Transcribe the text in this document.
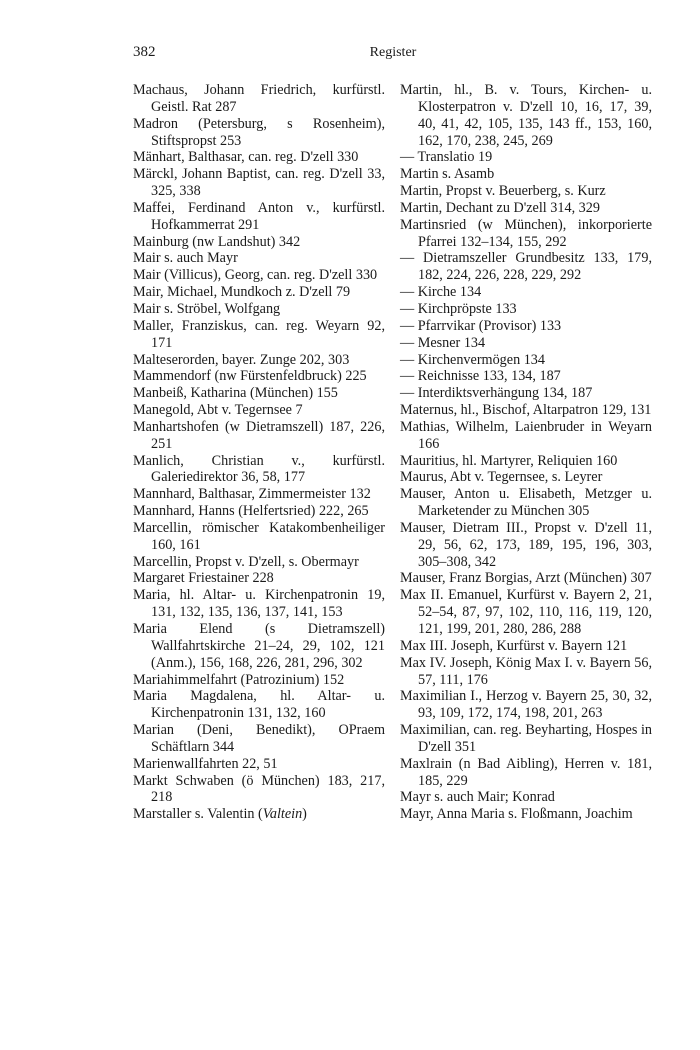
382	Register
Machaus, Johann Friedrich, kurfürstl. Geistl. Rat 287
Madron (Petersburg, s Rosenheim), Stiftspropst 253
Mänhart, Balthasar, can. reg. D'zell 330
Märckl, Johann Baptist, can. reg. D'zell 33, 325, 338
Maffei, Ferdinand Anton v., kurfürstl. Hofkammerrat 291
Mainburg (nw Landshut) 342
Mair s. auch Mayr
Mair (Villicus), Georg, can. reg. D'zell 330
Mair, Michael, Mundkoch z. D'zell 79
Mair s. Ströbel, Wolfgang
Maller, Franziskus, can. reg. Weyarn 92, 171
Malteserorden, bayer. Zunge 202, 303
Mammendorf (nw Fürstenfeldbruck) 225
Manbeiß, Katharina (München) 155
Manegold, Abt v. Tegernsee 7
Manhartshofen (w Dietramszell) 187, 226, 251
Manlich, Christian v., kurfürstl. Galeriedirektor 36, 58, 177
Mannhard, Balthasar, Zimmermeister 132
Mannhard, Hanns (Helfertsried) 222, 265
Marcellin, römischer Katakombenheiliger 160, 161
Marcellin, Propst v. D'zell, s. Obermayr
Margaret Friestainer 228
Maria, hl. Altar- u. Kirchenpatronin 19, 131, 132, 135, 136, 137, 141, 153
Maria Elend (s Dietramszell) Wallfahrtskirche 21–24, 29, 102, 121 (Anm.), 156, 168, 226, 281, 296, 302
Mariahimmelfahrt (Patrozinium) 152
Maria Magdalena, hl. Altar- u. Kirchenpatronin 131, 132, 160
Marian (Deni, Benedikt), OPraem Schäftlarn 344
Marienwallfahrten 22, 51
Markt Schwaben (ö München) 183, 217, 218
Marstaller s. Valentin (Valtein)
Martin, hl., B. v. Tours, Kirchen- u. Klosterpatron v. D'zell 10, 16, 17, 39, 40, 41, 42, 105, 135, 143 ff., 153, 160, 162, 170, 238, 245, 269
— Translatio 19
Martin s. Asamb
Martin, Propst v. Beuerberg, s. Kurz
Martin, Dechant zu D'zell 314, 329
Martinsried (w München), inkorporierte Pfarrei 132–134, 155, 292
— Dietramszeller Grundbesitz 133, 179, 182, 224, 226, 228, 229, 292
— Kirche 134
— Kirchpröpste 133
— Pfarrvikar (Provisor) 133
— Mesner 134
— Kirchenvermögen 134
— Reichnisse 133, 134, 187
— Interdiktsverhängung 134, 187
Maternus, hl., Bischof, Altarpatron 129, 131
Mathias, Wilhelm, Laienbruder in Weyarn 166
Mauritius, hl. Martyrer, Reliquien 160
Maurus, Abt v. Tegernsee, s. Leyrer
Mauser, Anton u. Elisabeth, Metzger u. Marketender zu München 305
Mauser, Dietram III., Propst v. D'zell 11, 29, 56, 62, 173, 189, 195, 196, 303, 305–308, 342
Mauser, Franz Borgias, Arzt (München) 307
Max II. Emanuel, Kurfürst v. Bayern 2, 21, 52–54, 87, 97, 102, 110, 116, 119, 120, 121, 199, 201, 280, 286, 288
Max III. Joseph, Kurfürst v. Bayern 121
Max IV. Joseph, König Max I. v. Bayern 56, 57, 111, 176
Maximilian I., Herzog v. Bayern 25, 30, 32, 93, 109, 172, 174, 198, 201, 263
Maximilian, can. reg. Beyharting, Hospes in D'zell 351
Maxlrain (n Bad Aibling), Herren v. 181, 185, 229
Mayr s. auch Mair; Konrad
Mayr, Anna Maria s. Floßmann, Joachim
